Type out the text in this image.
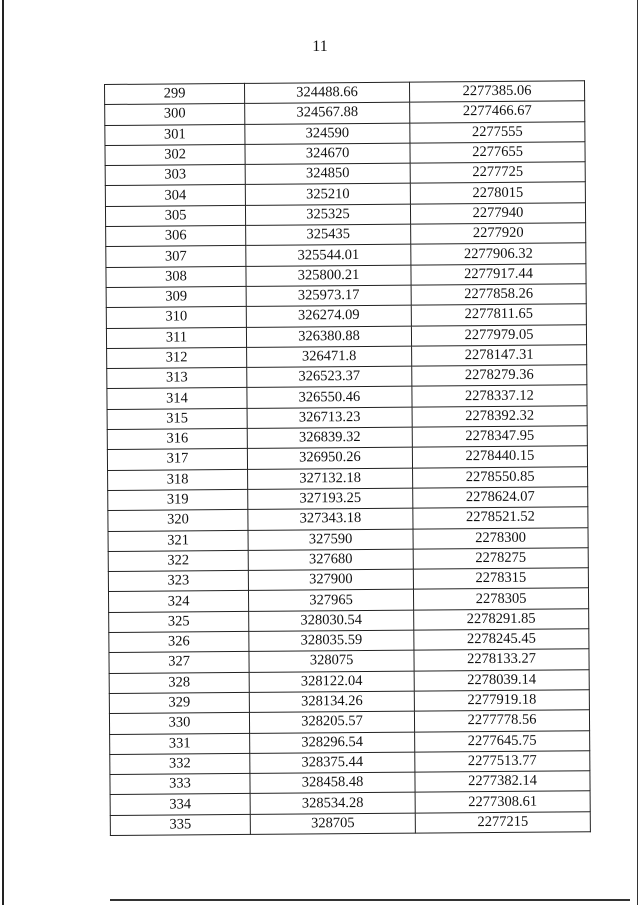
11
299	324488.66	2277385.06
300	324567.88	2277466.67
301	324590	2277555
302	324670	2277655
303	324850	2277725
304	325210	2278015
305	325325	2277940
306	325435	2277920
307	325544.01	2277906.32
308	325800.21	2277917.44
309	325973.17	2277858.26
310	326274.09	2277811.65
311	326380.88	2277979.05
312	326471.8	2278147.31
313	326523.37	2278279.36
314	326550.46	2278337.12
315	326713.23	2278392.32
316	326839.32	2278347.95
317	326950.26	2278440.15
318	327132.18	2278550.85
319	327193.25	2278624.07
320	327343.18	2278521.52
321	327590	2278300
322	327680	2278275
323	327900	2278315
324	327965	2278305
325	328030.54	2278291.85
326	328035.59	2278245.45
327	328075	2278133.27
328	328122.04	2278039.14
329	328134.26	2277919.18
330	328205.57	2277778.56
331	328296.54	2277645.75
332	328375.44	2277513.77
333	328458.48	2277382.14
334	328534.28	2277308.61
335	328705	2277215
